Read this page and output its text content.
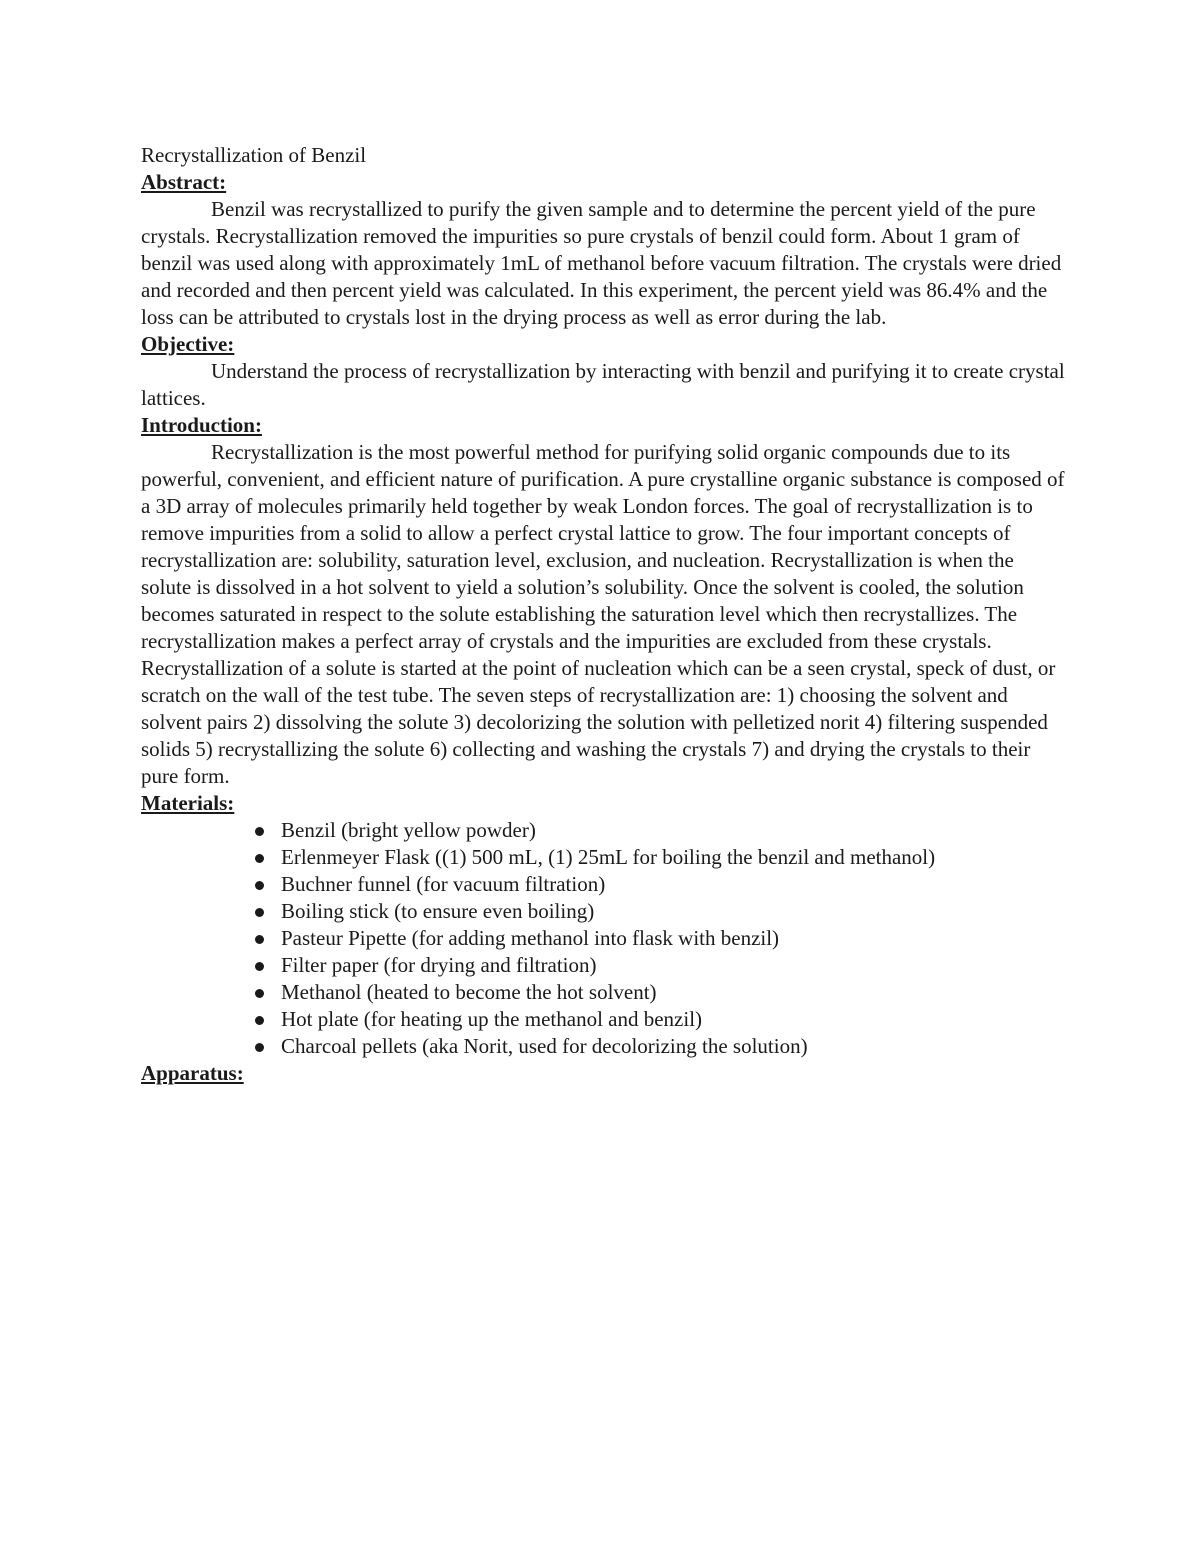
Recrystallization of Benzil
Abstract:

Benzil was recrystallized to purify the given sample and to determine the percent yield of the pure crystals. Recrystallization removed the impurities so pure crystals of benzil could form. About 1 gram of benzil was used along with approximately 1mL of methanol before vacuum filtration. The crystals were dried and recorded and then percent yield was calculated. In this experiment, the percent yield was 86.4% and the loss can be attributed to crystals lost in the drying process as well as error during the lab.

Objective:

Understand the process of recrystallization by interacting with benzil and purifying it to create crystal lattices.

Introduction:

Recrystallization is the most powerful method for purifying solid organic compounds due to its powerful, convenient, and efficient nature of purification. A pure crystalline organic substance is composed of a 3D array of molecules primarily held together by weak London forces. The goal of recrystallization is to remove impurities from a solid to allow a perfect crystal lattice to grow. The four important concepts of recrystallization are: solubility, saturation level, exclusion, and nucleation. Recrystallization is when the solute is dissolved in a hot solvent to yield a solution’s solubility. Once the solvent is cooled, the solution becomes saturated in respect to the solute establishing the saturation level which then recrystallizes. The recrystallization makes a perfect array of crystals and the impurities are excluded from these crystals. Recrystallization of a solute is started at the point of nucleation which can be a seen crystal, speck of dust, or scratch on the wall of the test tube. The seven steps of recrystallization are: 1) choosing the solvent and solvent pairs 2) dissolving the solute 3) decolorizing the solution with pelletized norit 4) filtering suspended solids 5) recrystallizing the solute 6) collecting and washing the crystals 7) and drying the crystals to their pure form.

Materials:
Benzil (bright yellow powder)
Erlenmeyer Flask ((1) 500 mL, (1) 25mL for boiling the benzil and methanol)
Buchner funnel (for vacuum filtration)
Boiling stick (to ensure even boiling)
Pasteur Pipette (for adding methanol into flask with benzil)
Filter paper (for drying and filtration)
Methanol (heated to become the hot solvent)
Hot plate (for heating up the methanol and benzil)
Charcoal pellets (aka Norit, used for decolorizing the solution)
Apparatus:
